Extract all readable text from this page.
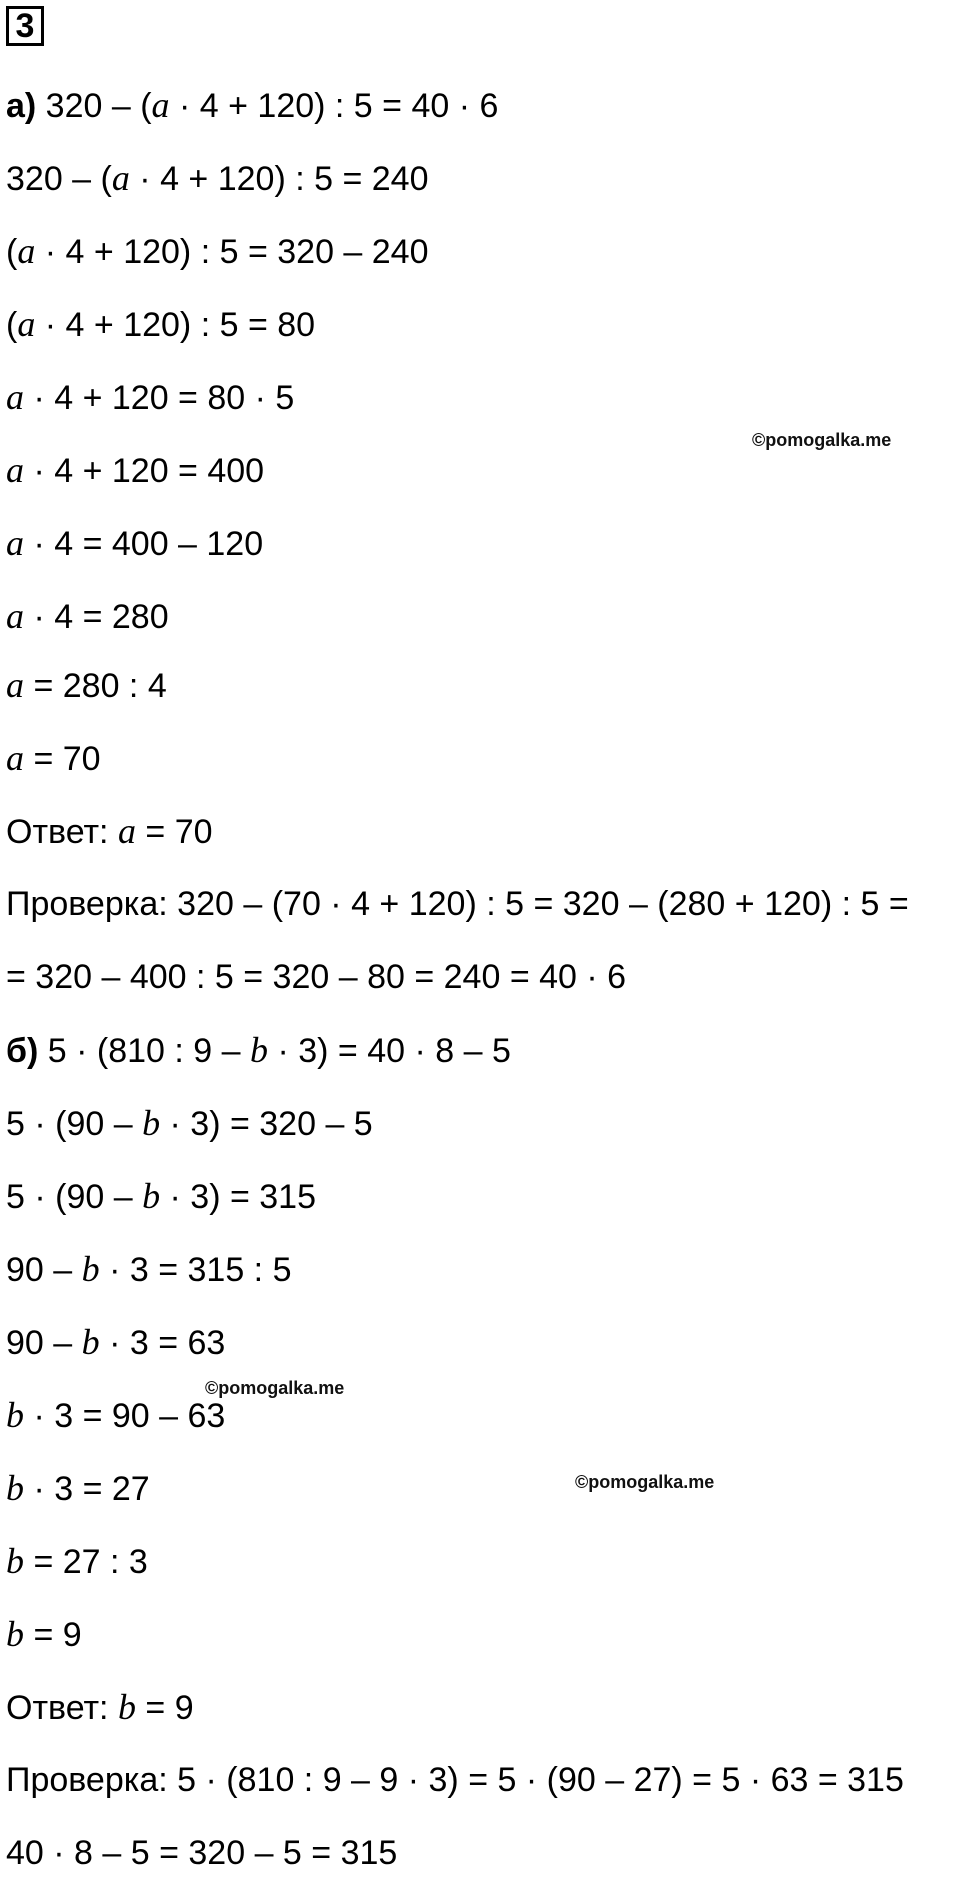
3
а) 320 – (a · 4 + 120) : 5 = 40 · 6
320 – (a · 4 + 120) : 5 = 240
(a · 4 + 120) : 5 = 320 – 240
(a · 4 + 120) : 5 = 80
a · 4 + 120 = 80 · 5
a · 4 + 120 = 400
a · 4 = 400 – 120
a · 4 = 280
a = 280 : 4
a = 70
Ответ: a = 70
Проверка: 320 – (70 · 4 + 120) : 5 = 320 – (280 + 120) : 5 =
= 320 – 400 : 5 = 320 – 80 = 240 = 40 · 6
б) 5 · (810 : 9 – b · 3) = 40 · 8 – 5
5 · (90 – b · 3) = 320 – 5
5 · (90 – b · 3) = 315
90 – b · 3 = 315 : 5
90 – b · 3 = 63
b · 3 = 90 – 63
b · 3 = 27
b = 27 : 3
b = 9
Ответ: b = 9
Проверка: 5 · (810 : 9 – 9 · 3) = 5 · (90 – 27) = 5 · 63 = 315
40 · 8 – 5 = 320 – 5 = 315
©pomogalka.me
©pomogalka.me
©pomogalka.me
